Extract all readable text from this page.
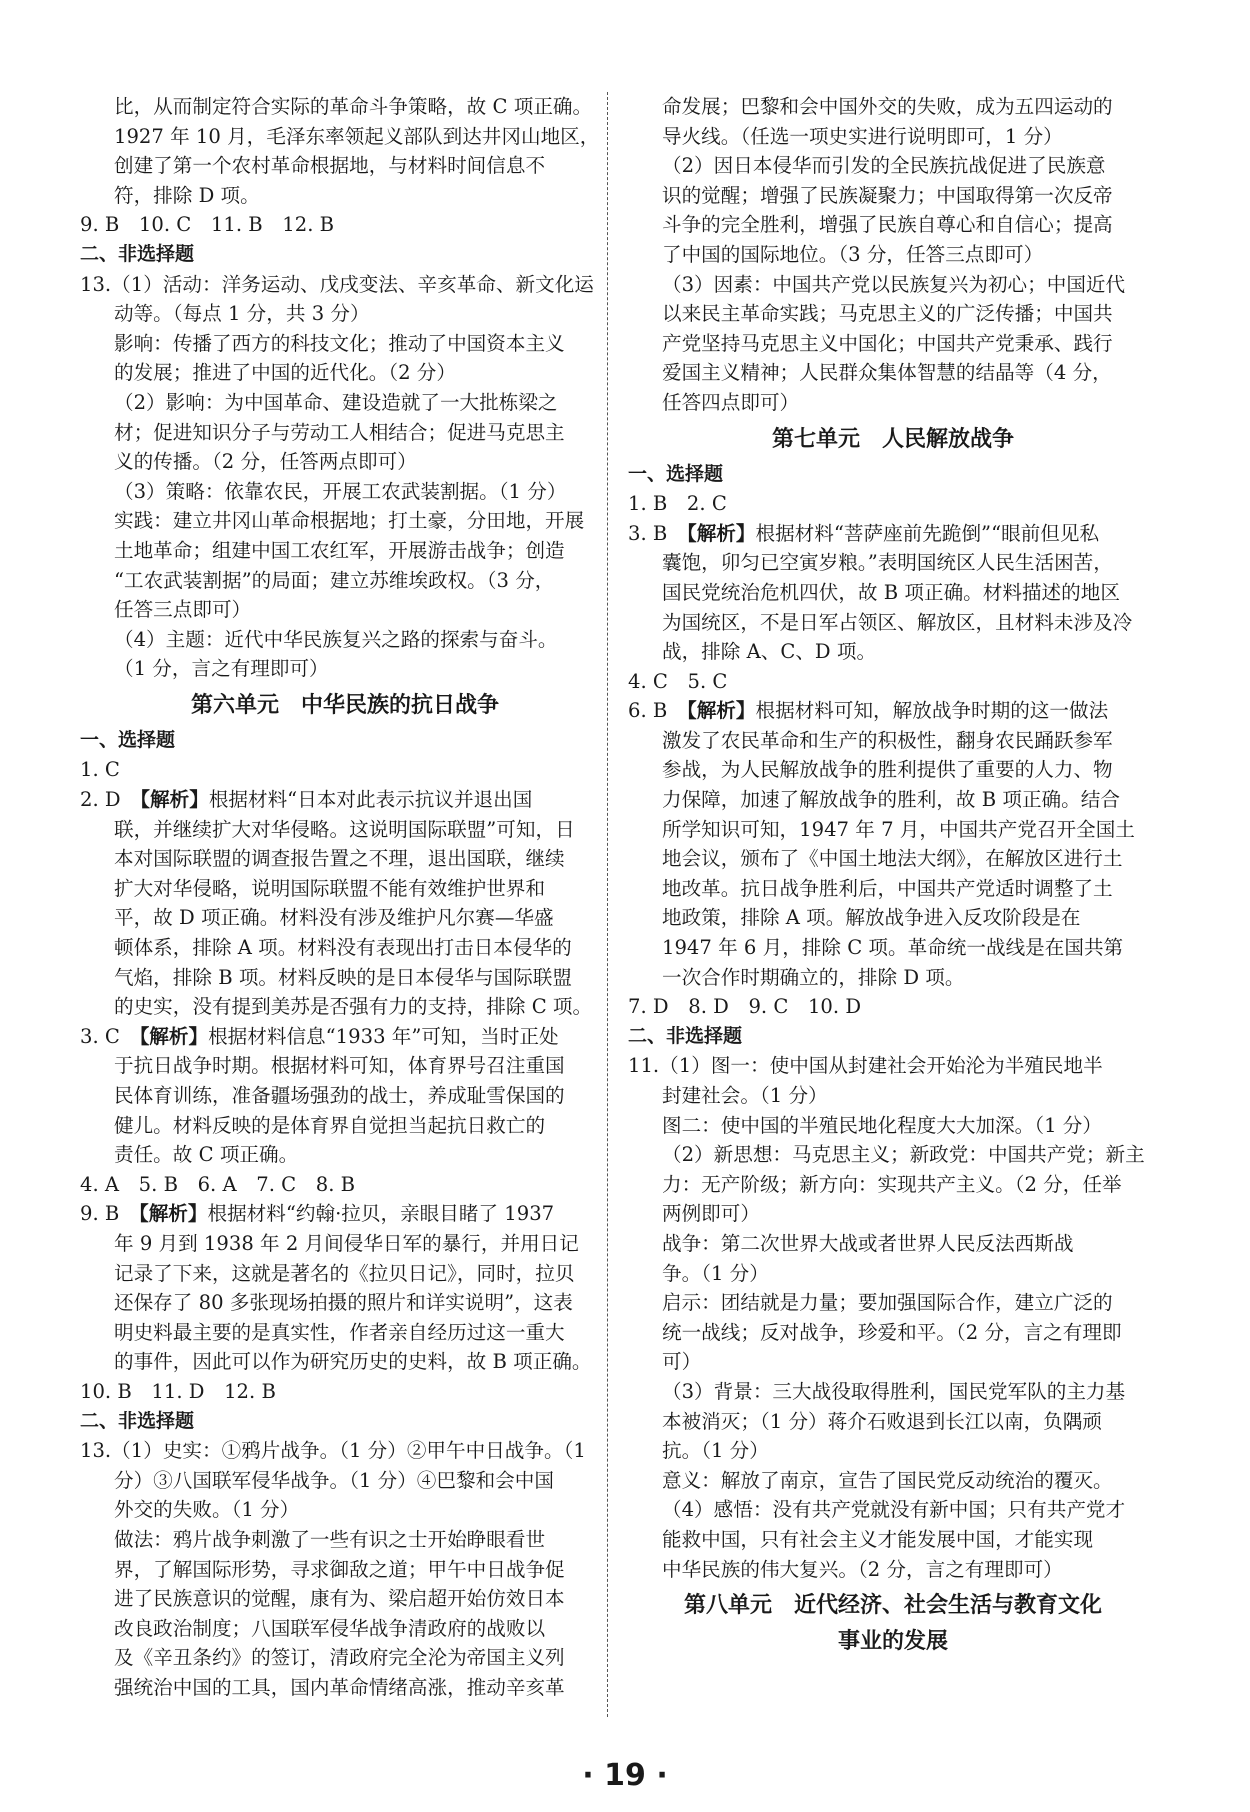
比，从而制定符合实际的革命斗争策略，故 C 项正确。

1927 年 10 月，毛泽东率领起义部队到达井冈山地区，

创建了第一个农村革命根据地，与材料时间信息不

符，排除 D 项。

9. B　10. C　11. B　12. B

二、非选择题

13.（1）活动：洋务运动、戊戌变法、辛亥革命、新文化运

动等。（每点 1 分，共 3 分）

影响：传播了西方的科技文化；推动了中国资本主义

的发展；推进了中国的近代化。（2 分）

（2）影响：为中国革命、建设造就了一大批栋梁之

材；促进知识分子与劳动工人相结合；促进马克思主

义的传播。（2 分，任答两点即可）

（3）策略：依靠农民，开展工农武装割据。（1 分）

实践：建立井冈山革命根据地；打土豪，分田地，开展

土地革命；组建中国工农红军，开展游击战争；创造

“工农武装割据”的局面；建立苏维埃政权。（3 分，

任答三点即可）

（4）主题：近代中华民族复兴之路的探索与奋斗。

（1 分，言之有理即可）

第六单元　中华民族的抗日战争

一、选择题

1. C

2. D　【解析】根据材料“日本对此表示抗议并退出国

联，并继续扩大对华侵略。这说明国际联盟”可知，日

本对国际联盟的调查报告置之不理，退出国联，继续

扩大对华侵略，说明国际联盟不能有效维护世界和

平，故 D 项正确。材料没有涉及维护凡尔赛—华盛

顿体系，排除 A 项。材料没有表现出打击日本侵华的

气焰，排除 B 项。材料反映的是日本侵华与国际联盟

的史实，没有提到美苏是否强有力的支持，排除 C 项。

3. C　【解析】根据材料信息“1933 年”可知，当时正处

于抗日战争时期。根据材料可知，体育界号召注重国

民体育训练，准备疆场强劲的战士，养成耻雪保国的

健儿。材料反映的是体育界自觉担当起抗日救亡的

责任。故 C 项正确。

4. A　5. B　6. A　7. C　8. B

9. B　【解析】根据材料“约翰·拉贝，亲眼目睹了 1937

年 9 月到 1938 年 2 月间侵华日军的暴行，并用日记

记录了下来，这就是著名的《拉贝日记》，同时，拉贝

还保存了 80 多张现场拍摄的照片和详实说明”，这表

明史料最主要的是真实性，作者亲自经历过这一重大

的事件，因此可以作为研究历史的史料，故 B 项正确。

10. B　11. D　12. B

二、非选择题

13.（1）史实：①鸦片战争。（1 分）②甲午中日战争。（1

分）③八国联军侵华战争。（1 分）④巴黎和会中国

外交的失败。（1 分）

做法：鸦片战争刺激了一些有识之士开始睁眼看世

界，了解国际形势，寻求御敌之道；甲午中日战争促

进了民族意识的觉醒，康有为、梁启超开始仿效日本

改良政治制度；八国联军侵华战争清政府的战败以

及《辛丑条约》的签订，清政府完全沦为帝国主义列

强统治中国的工具，国内革命情绪高涨，推动辛亥革

命发展；巴黎和会中国外交的失败，成为五四运动的

导火线。（任选一项史实进行说明即可，1 分）

（2）因日本侵华而引发的全民族抗战促进了民族意

识的觉醒；增强了民族凝聚力；中国取得第一次反帝

斗争的完全胜利，增强了民族自尊心和自信心；提高

了中国的国际地位。（3 分，任答三点即可）

（3）因素：中国共产党以民族复兴为初心；中国近代

以来民主革命实践；马克思主义的广泛传播；中国共

产党坚持马克思主义中国化；中国共产党秉承、践行

爱国主义精神；人民群众集体智慧的结晶等（4 分，

任答四点即可）

第七单元　人民解放战争

一、选择题

1. B　2. C

3. B　【解析】根据材料“菩萨座前先跪倒”“眼前但见私

囊饱，卯匀已空寅岁粮。”表明国统区人民生活困苦，

国民党统治危机四伏，故 B 项正确。材料描述的地区

为国统区，不是日军占领区、解放区，且材料未涉及冷

战，排除 A、C、D 项。

4. C　5. C

6. B　【解析】根据材料可知，解放战争时期的这一做法

激发了农民革命和生产的积极性，翻身农民踊跃参军

参战，为人民解放战争的胜利提供了重要的人力、物

力保障，加速了解放战争的胜利，故 B 项正确。结合

所学知识可知，1947 年 7 月，中国共产党召开全国土

地会议，颁布了《中国土地法大纲》，在解放区进行土

地改革。抗日战争胜利后，中国共产党适时调整了土

地政策，排除 A 项。解放战争进入反攻阶段是在

1947 年 6 月，排除 C 项。革命统一战线是在国共第

一次合作时期确立的，排除 D 项。

7. D　8. D　9. C　10. D

二、非选择题

11.（1）图一：使中国从封建社会开始沦为半殖民地半

封建社会。（1 分）

图二：使中国的半殖民地化程度大大加深。（1 分）

（2）新思想：马克思主义；新政党：中国共产党；新主

力：无产阶级；新方向：实现共产主义。（2 分，任举

两例即可）

战争：第二次世界大战或者世界人民反法西斯战

争。（1 分）

启示：团结就是力量；要加强国际合作，建立广泛的

统一战线；反对战争，珍爱和平。（2 分，言之有理即

可）

（3）背景：三大战役取得胜利，国民党军队的主力基

本被消灭；（1 分）蒋介石败退到长江以南，负隅顽

抗。（1 分）

意义：解放了南京，宣告了国民党反动统治的覆灭。

（4）感悟：没有共产党就没有新中国；只有共产党才

能救中国，只有社会主义才能发展中国，才能实现

中华民族的伟大复兴。（2 分，言之有理即可）

第八单元　近代经济、社会生活与教育文化

事业的发展

· 19 ·
